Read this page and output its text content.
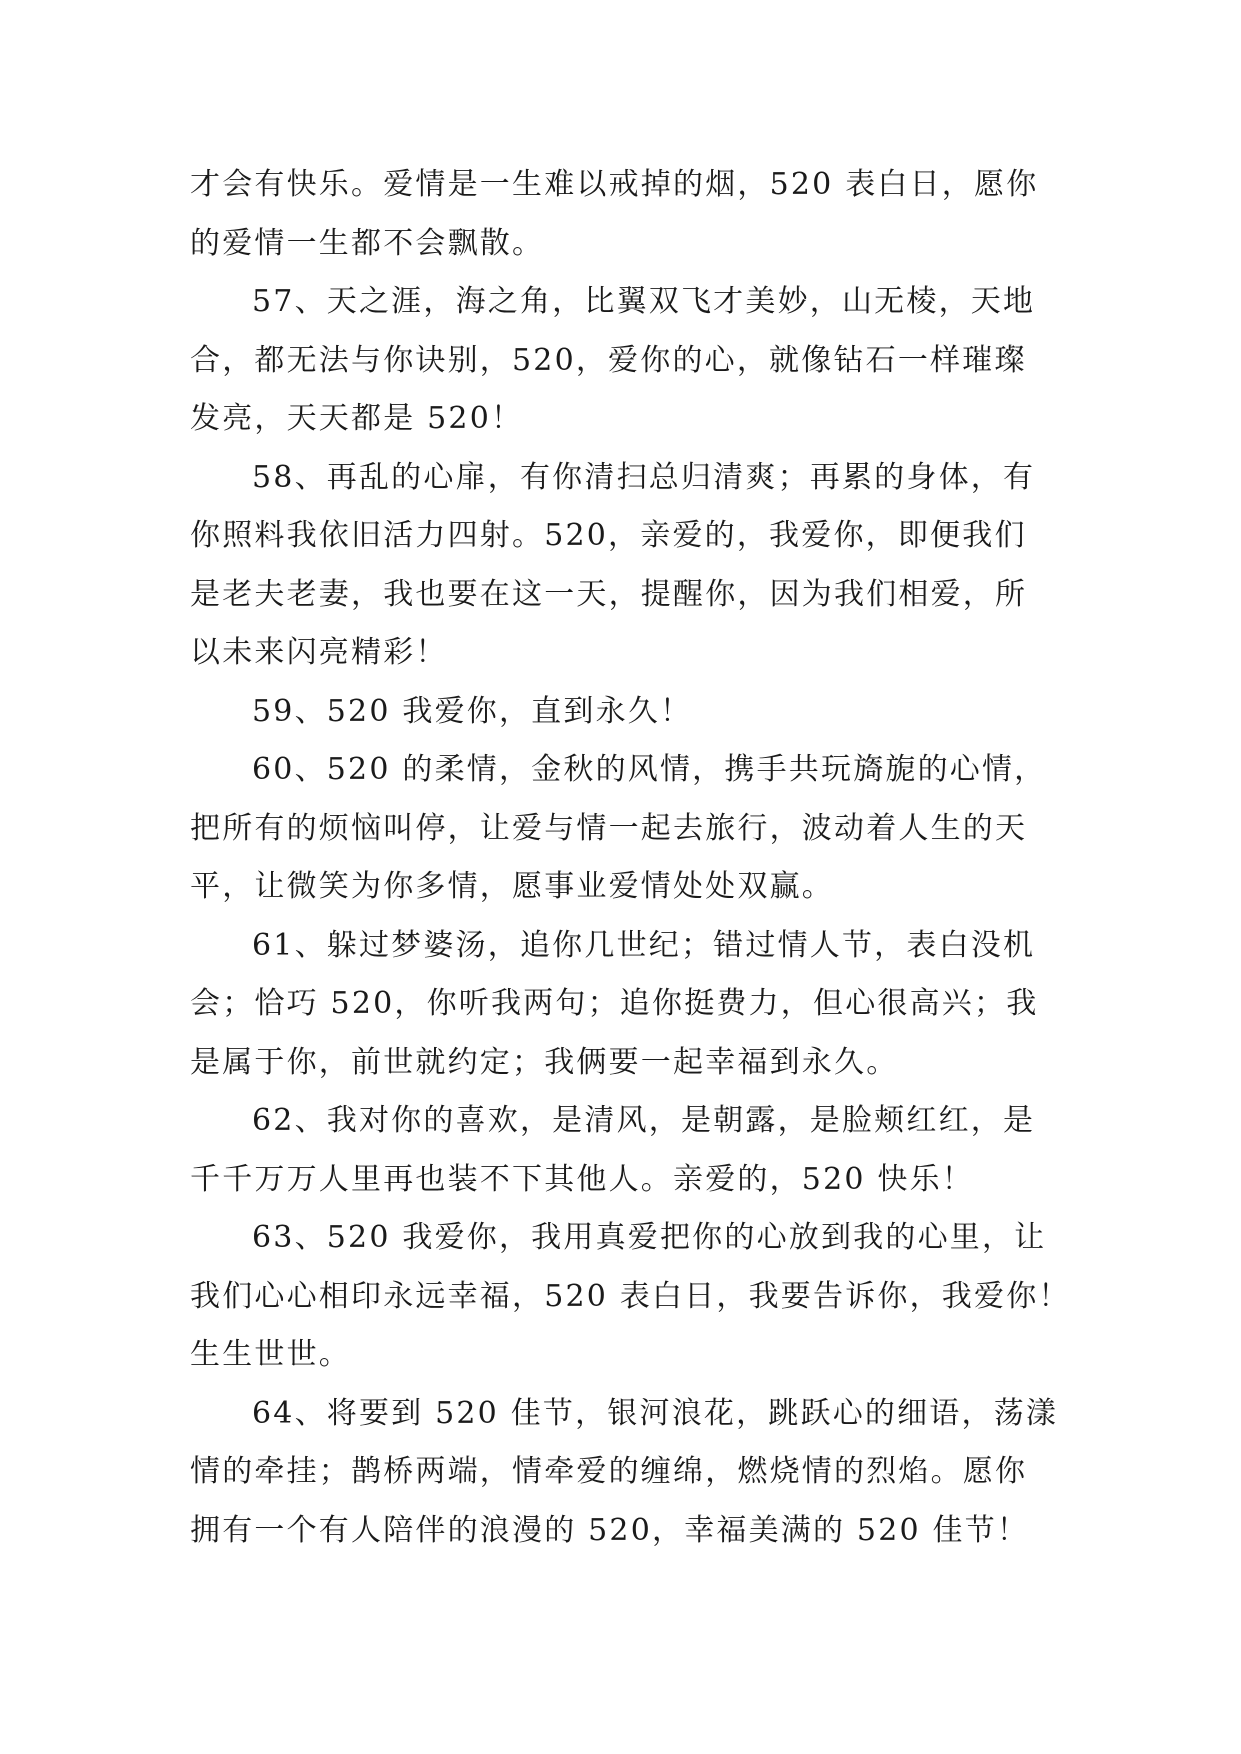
才会有快乐。爱情是一生难以戒掉的烟，520 表白日，愿你
的爱情一生都不会飘散。
57、天之涯，海之角，比翼双飞才美妙，山无棱，天地
合，都无法与你诀别，520，爱你的心，就像钻石一样璀璨
发亮，天天都是 520！
58、再乱的心扉，有你清扫总归清爽；再累的身体，有
你照料我依旧活力四射。520，亲爱的，我爱你，即便我们
是老夫老妻，我也要在这一天，提醒你，因为我们相爱，所
以未来闪亮精彩！
59、520 我爱你，直到永久！
60、520 的柔情，金秋的风情，携手共玩旖旎的心情，
把所有的烦恼叫停，让爱与情一起去旅行，波动着人生的天
平，让微笑为你多情，愿事业爱情处处双赢。
61、躲过梦婆汤，追你几世纪；错过情人节，表白没机
会；恰巧 520，你听我两句；追你挺费力，但心很高兴；我
是属于你，前世就约定；我俩要一起幸福到永久。
62、我对你的喜欢，是清风，是朝露，是脸颊红红，是
千千万万人里再也装不下其他人。亲爱的，520 快乐！
63、520 我爱你，我用真爱把你的心放到我的心里，让
我们心心相印永远幸福，520 表白日，我要告诉你，我爱你！
生生世世。
64、将要到 520 佳节，银河浪花，跳跃心的细语，荡漾
情的牵挂；鹊桥两端，情牵爱的缠绵，燃烧情的烈焰。愿你
拥有一个有人陪伴的浪漫的 520，幸福美满的 520 佳节！
